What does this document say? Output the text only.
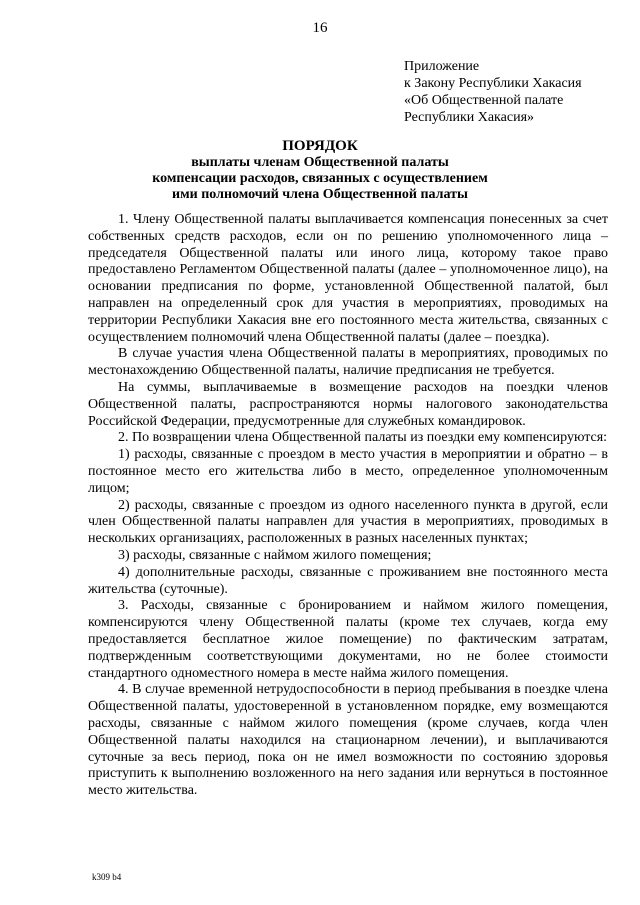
16
Приложение
к Закону Республики Хакасия
«Об Общественной палате
Республики Хакасия»
ПОРЯДОК
выплаты членам Общественной палаты
компенсации расходов, связанных с осуществлением
ими полномочий члена Общественной палаты

1. Члену Общественной палаты выплачивается компенсация понесенных за счет собственных средств расходов, если он по решению уполномоченного лица – председателя Общественной палаты или иного лица, которому такое право предоставлено Регламентом Общественной палаты (далее – уполномоченное лицо), на основании предписания по форме, установленной Общественной палатой, был направлен на определенный срок для участия в мероприятиях, проводимых на территории Республики Хакасия вне его постоянного места жительства, связанных с осуществлением полномочий члена Общественной палаты (далее – поездка).

В случае участия члена Общественной палаты в мероприятиях, проводимых по местонахождению Общественной палаты, наличие предписания не требуется.

На суммы, выплачиваемые в возмещение расходов на поездки членов Общественной палаты, распространяются нормы налогового законодательства Российской Федерации, предусмотренные для служебных командировок.

2. По возвращении члена Общественной палаты из поездки ему компенсируются:

1) расходы, связанные с проездом в место участия в мероприятии и обратно – в постоянное место его жительства либо в место, определенное уполномоченным лицом;

2) расходы, связанные с проездом из одного населенного пункта в другой, если член Общественной палаты направлен для участия в мероприятиях, проводимых в нескольких организациях, расположенных в разных населенных пунктах;

3) расходы, связанные с наймом жилого помещения;

4) дополнительные расходы, связанные с проживанием вне постоянного места жительства (суточные).

3. Расходы, связанные с бронированием и наймом жилого помещения, компенсируются члену Общественной палаты (кроме тех случаев, когда ему предоставляется бесплатное жилое помещение) по фактическим затратам, подтвержденным соответствующими документами, но не более стоимости стандартного одноместного номера в месте найма жилого помещения.

4. В случае временной нетрудоспособности в период пребывания в поездке члена Общественной палаты, удостоверенной в установленном порядке, ему возмещаются расходы, связанные с наймом жилого помещения (кроме случаев, когда член Общественной палаты находился на стационарном лечении), и выплачиваются суточные за весь период, пока он не имел возможности по состоянию здоровья приступить к выполнению возложенного на него задания или вернуться в постоянное место жительства.

k309 b4
